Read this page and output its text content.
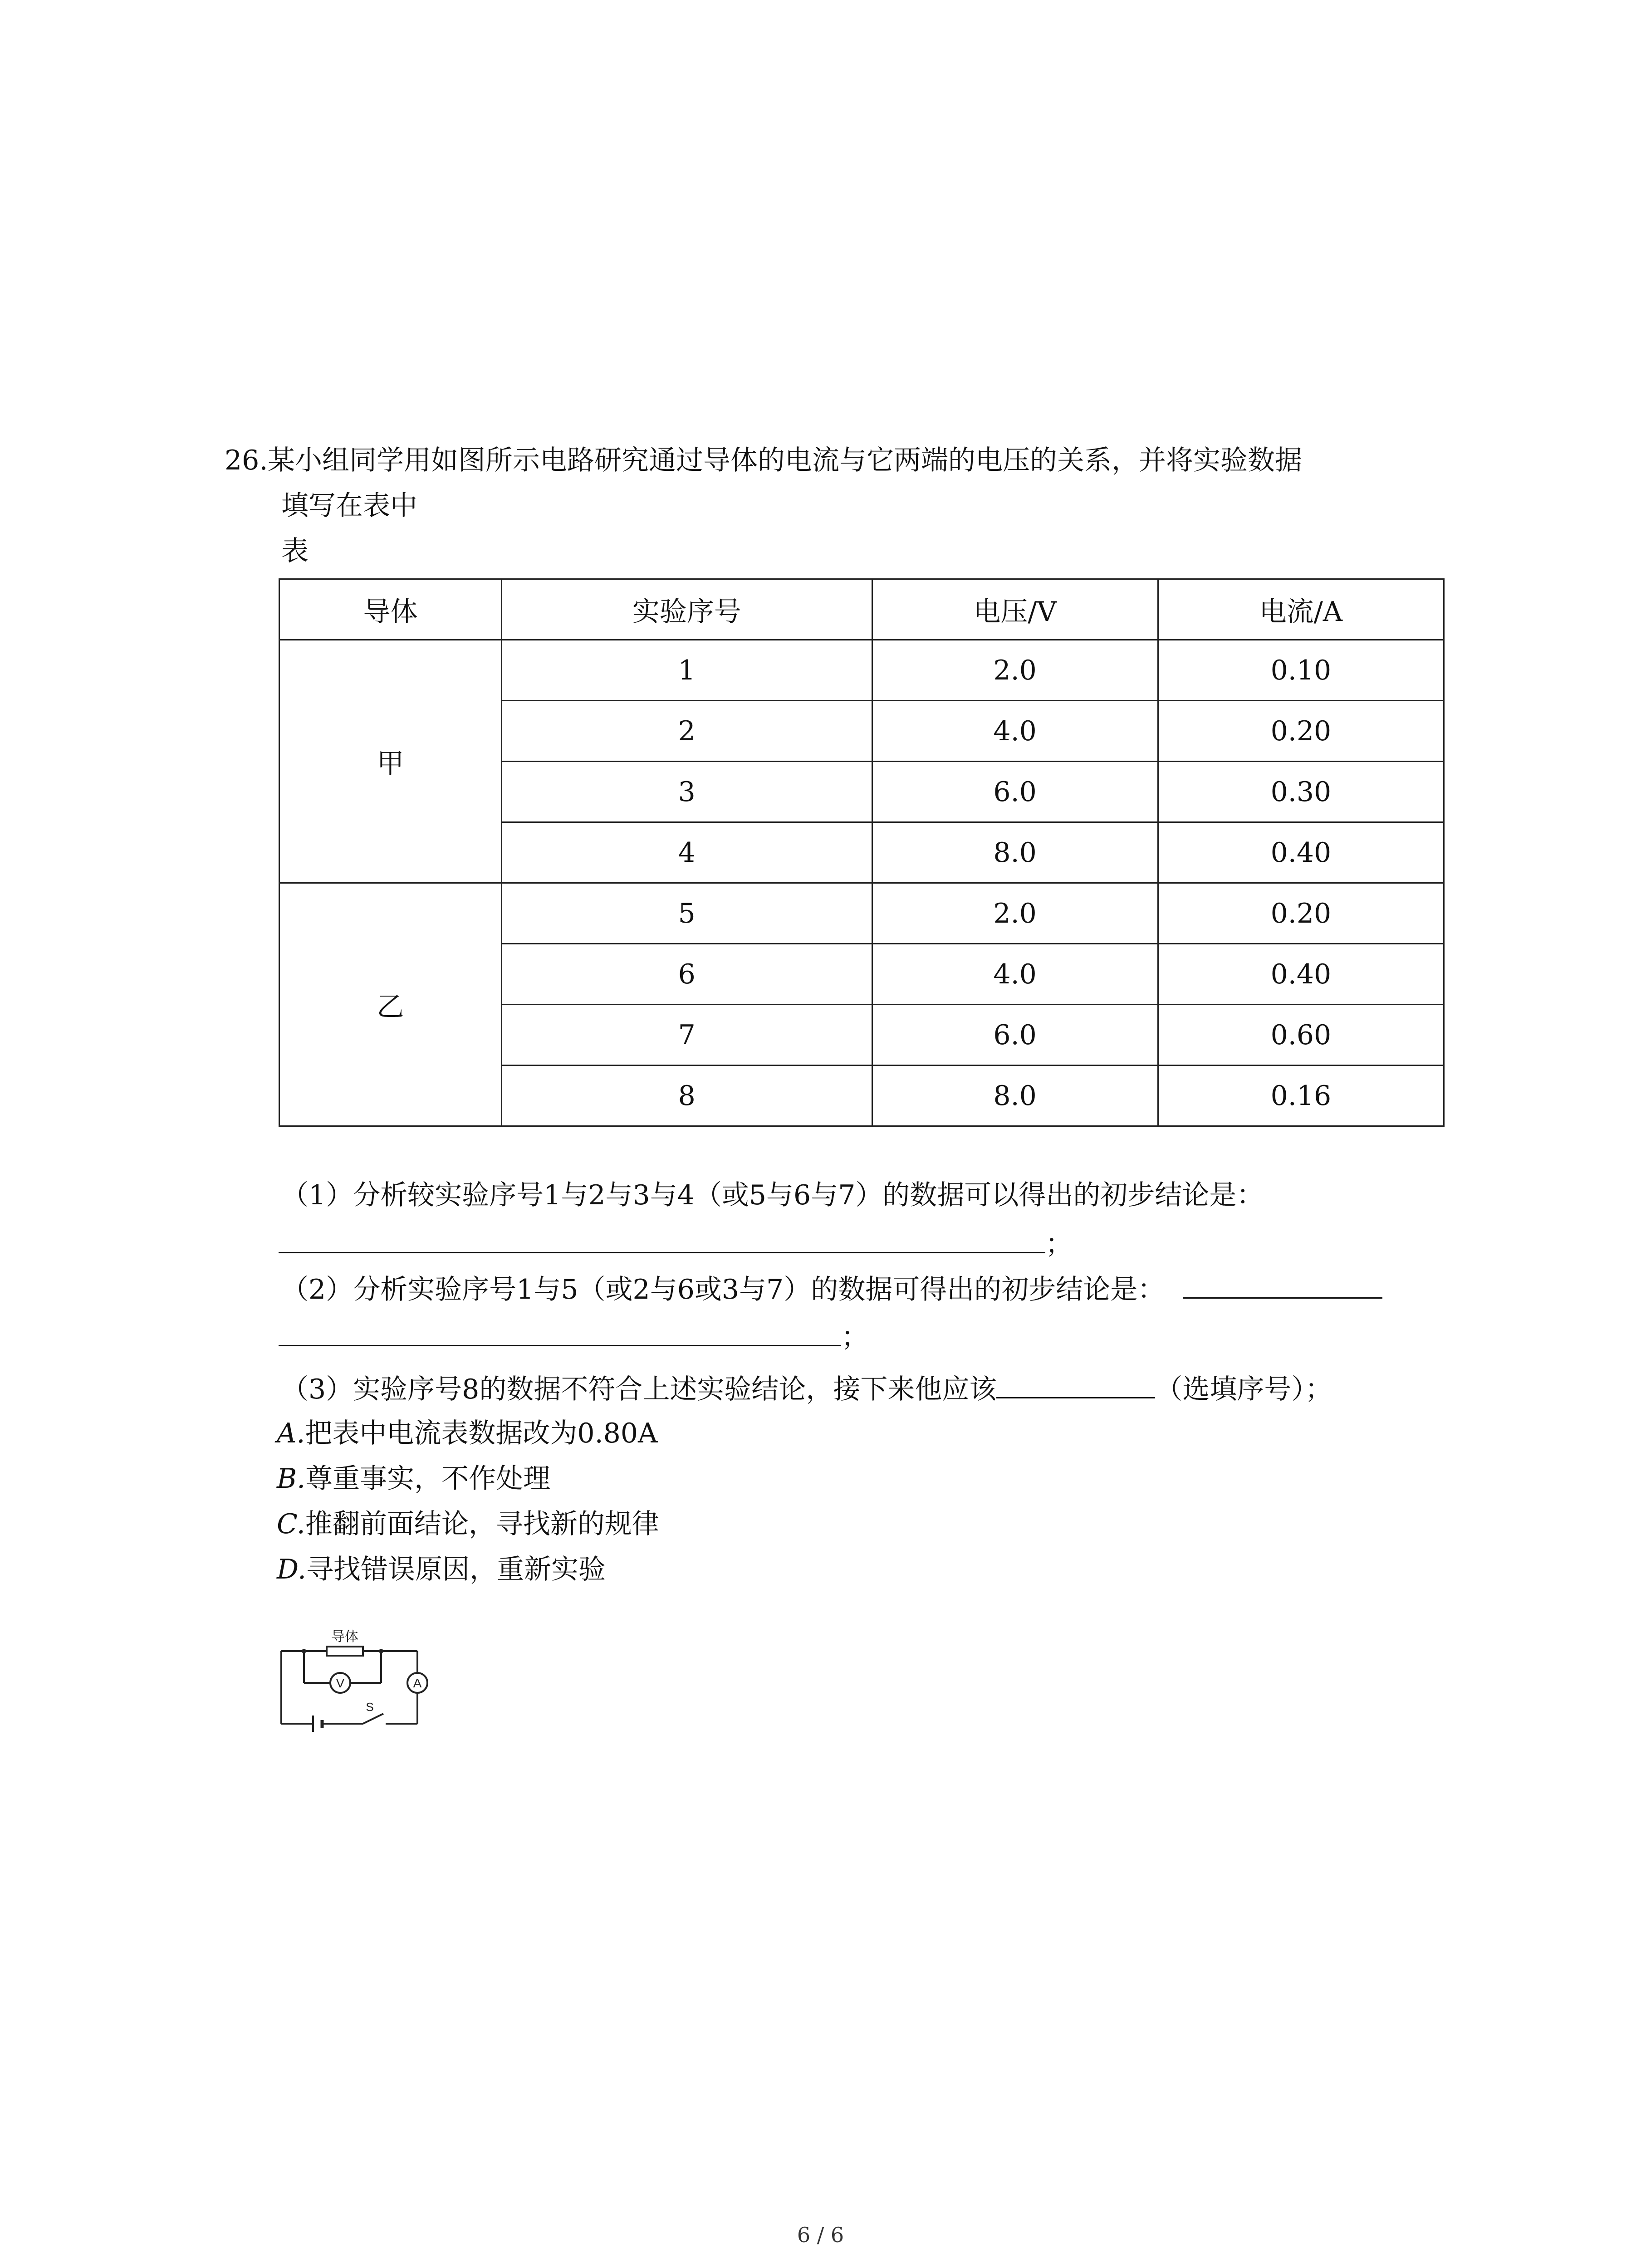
26.某小组同学用如图所示电路研究通过导体的电流与它两端的电压的关系，并将实验数据
填写在表中
表
导体	实验序号	电压/V	电流/A
甲	1	2.0	0.10
	2	4.0	0.20
	3	6.0	0.30
	4	8.0	0.40
乙	5	2.0	0.20
	6	4.0	0.40
	7	6.0	0.60
	8	8.0	0.16
（1）分析较实验序号1与2与3与4（或5与6与7）的数据可以得出的初步结论是：
；
（2）分析实验序号1与5（或2与6或3与7）的数据可得出的初步结论是：
；
（3）实验序号8的数据不符合上述实验结论，接下来他应该	（选填序号）；
A.把表中电流表数据改为0.80A
B.尊重事实，不作处理
C.推翻前面结论，寻找新的规律
D.寻找错误原因，重新实验
导体
V	A
S
6 / 6
